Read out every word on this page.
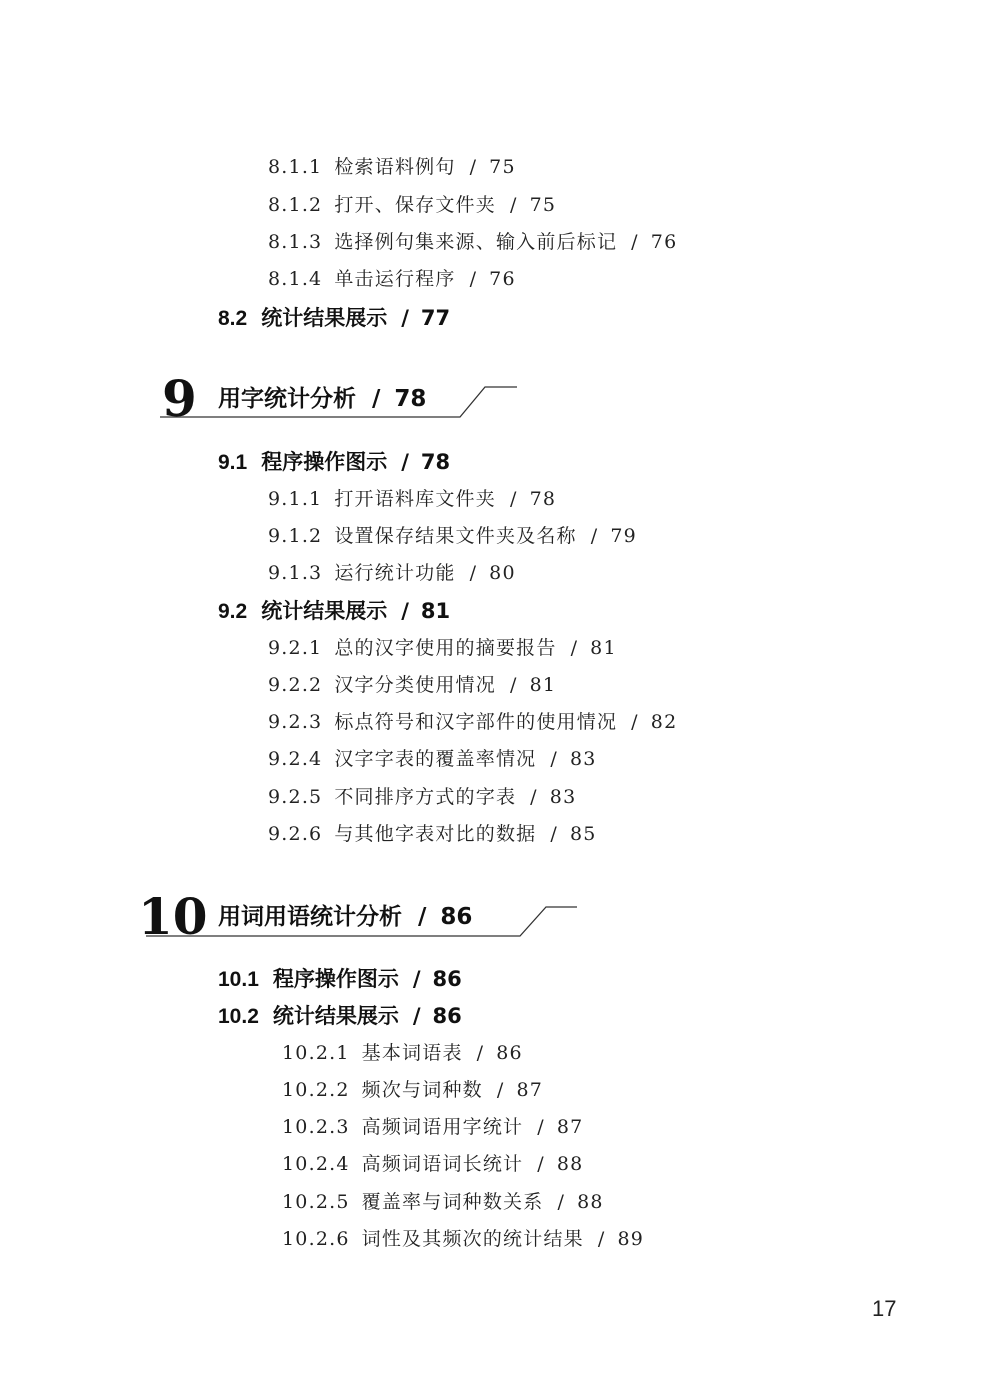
8.1.1 检索语料例句 / 75
8.1.2 打开、保存文件夹 / 75
8.1.3 选择例句集来源、输入前后标记 / 76
8.1.4 单击运行程序 / 76
8.2 统计结果展示 / 77
9 用字统计分析 / 78
9.1 程序操作图示 / 78
9.1.1 打开语料库文件夹 / 78
9.1.2 设置保存结果文件夹及名称 / 79
9.1.3 运行统计功能 / 80
9.2 统计结果展示 / 81
9.2.1 总的汉字使用的摘要报告 / 81
9.2.2 汉字分类使用情况 / 81
9.2.3 标点符号和汉字部件的使用情况 / 82
9.2.4 汉字字表的覆盖率情况 / 83
9.2.5 不同排序方式的字表 / 83
9.2.6 与其他字表对比的数据 / 85
10 用词用语统计分析 / 86
10.1 程序操作图示 / 86
10.2 统计结果展示 / 86
10.2.1 基本词语表 / 86
10.2.2 频次与词种数 / 87
10.2.3 高频词语用字统计 / 87
10.2.4 高频词语词长统计 / 88
10.2.5 覆盖率与词种数关系 / 88
10.2.6 词性及其频次的统计结果 / 89
17
